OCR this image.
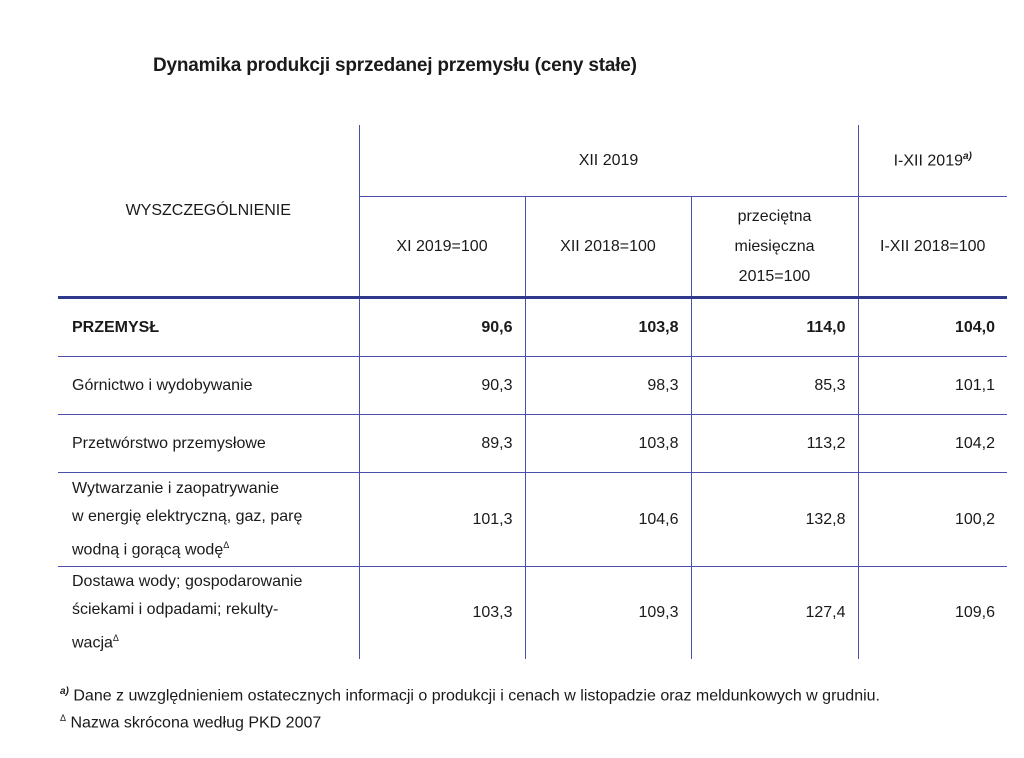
Dynamika produkcji sprzedanej przemysłu (ceny stałe)
WYSZCZEGÓLNIENIE	XII 2019			I-XII 2019$^{a)}$
	XI 2019=100	XII 2018=100	przeciętna
miesięczna
2015=100	I-XII 2018=100
PRZEMYSŁ	90,6	103,8	114,0	104,0
Górnictwo i wydobywanie	90,3	98,3	85,3	101,1
Przetwórstwo przemysłowe	89,3	103,8	113,2	104,2

Wytwarzanie i zaopatrywanie
w energię elektryczną, gaz, parę
wodną i gorącą wodę$^\Delta$	101,3	104,6	132,8	100,2

Dostawa wody; gospodarowanie
ściekami i odpadami; rekulty-
wacja$^\Delta$	103,3	109,3	127,4	109,6
$^{a)}$ Dane z uwzględnieniem ostatecznych informacji o produkcji i cenach w listopadzie oraz meldunkowych w grudniu.
$^\Delta$ Nazwa skrócona według PKD 2007
